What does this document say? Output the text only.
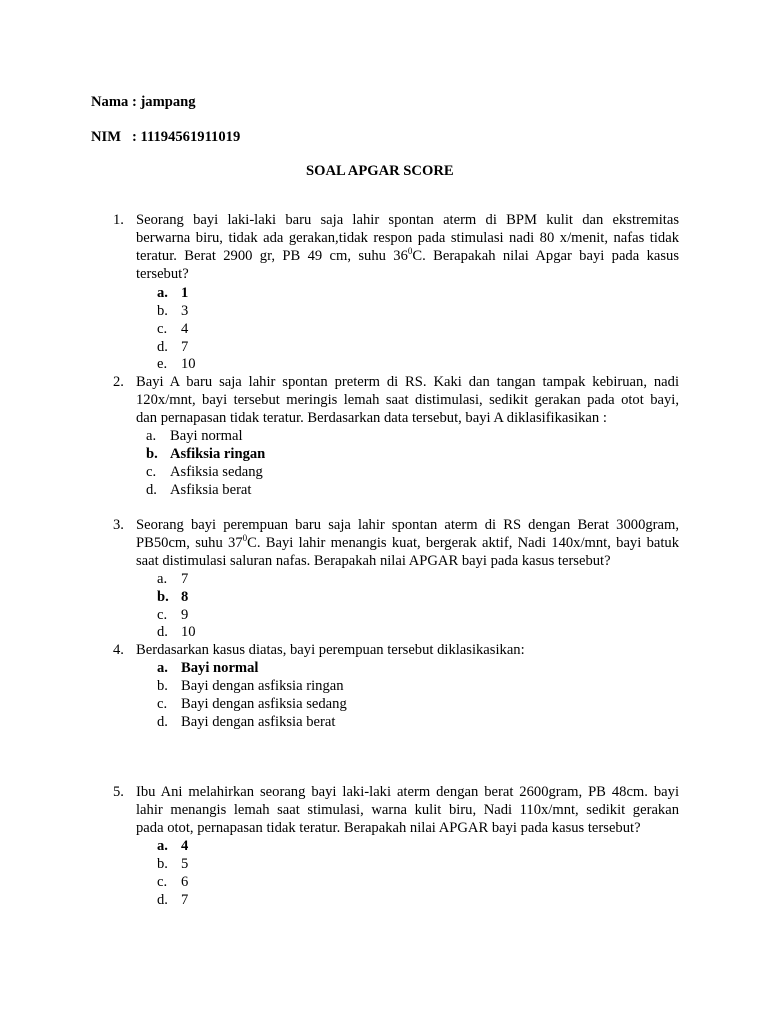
Nama : jampang
NIM : 11194561911019
SOAL APGAR SCORE
1. Seorang bayi laki-laki baru saja lahir spontan aterm di BPM kulit dan ekstremitas
berwarna biru, tidak ada gerakan,tidak respon pada stimulasi nadi 80 x/menit, nafas tidak
teratur. Berat 2900 gr, PB 49 cm, suhu $36^0C$. Berapakah nilai Apgar bayi pada kasus
tersebut?
a. 1
b. 3
c. 4
d. 7
e. 10
2. Bayi A baru saja lahir spontan preterm di RS. Kaki dan tangan tampak kebiruan, nadi
120x/mnt, bayi tersebut meringis lemah saat distimulasi, sedikit gerakan pada otot bayi,
dan pernapasan tidak teratur. Berdasarkan data tersebut, bayi A diklasifikasikan :
a. Bayi normal
b. Asfiksia ringan
c. Asfiksia sedang
d. Asfiksia berat
3. Seorang bayi perempuan baru saja lahir spontan aterm di RS dengan Berat 3000gram,
PB50cm, suhu $37^0C$. Bayi lahir menangis kuat, bergerak aktif, Nadi 140x/mnt, bayi batuk
saat distimulasi saluran nafas. Berapakah nilai APGAR bayi pada kasus tersebut?
a. 7
b. 8
c. 9
d. 10
4. Berdasarkan kasus diatas, bayi perempuan tersebut diklasikasikan:
a. Bayi normal
b. Bayi dengan asfiksia ringan
c. Bayi dengan asfiksia sedang
d. Bayi dengan asfiksia berat
5. Ibu Ani melahirkan seorang bayi laki-laki aterm dengan berat 2600gram, PB 48cm. bayi
lahir menangis lemah saat stimulasi, warna kulit biru, Nadi 110x/mnt, sedikit gerakan
pada otot, pernapasan tidak teratur. Berapakah nilai APGAR bayi pada kasus tersebut?
a. 4
b. 5
c. 6
d. 7
